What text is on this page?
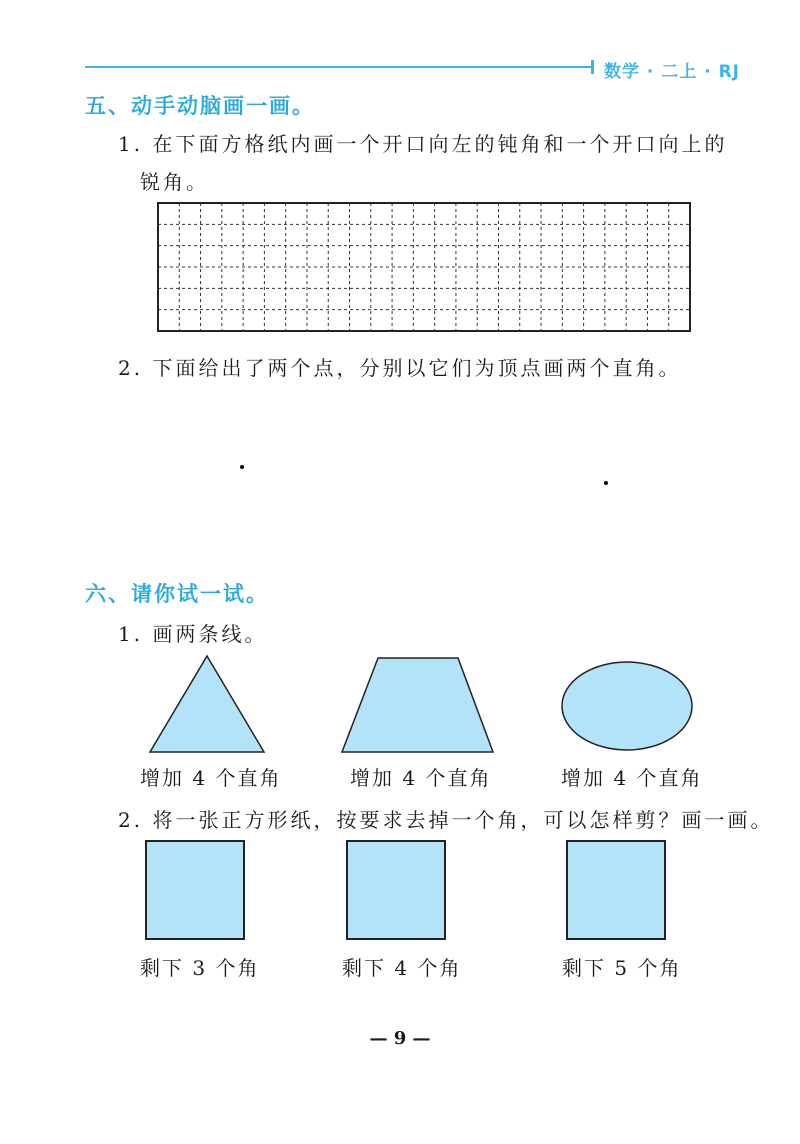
数学 · 二上 · RJ
五、动手动脑画一画。
1. 在下面方格纸内画一个开口向左的钝角和一个开口向上的
锐角。
2. 下面给出了两个点，分别以它们为顶点画两个直角。
六、请你试一试。
1. 画两条线。
增加 4 个直角	增加 4 个直角	增加 4 个直角
2. 将一张正方形纸，按要求去掉一个角，可以怎样剪？画一画。
剩下 3 个角	剩下 4 个角	剩下 5 个角
— 9 —
